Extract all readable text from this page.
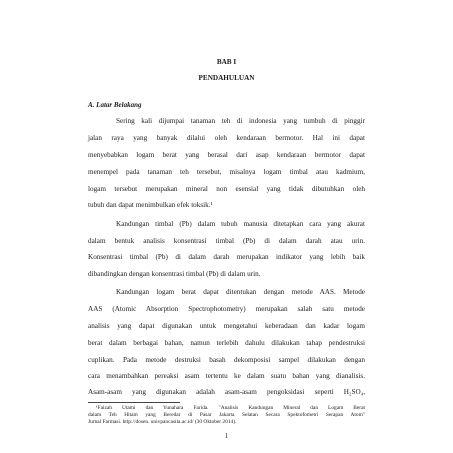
BAB I
PENDAHULUAN
A. Latar Belakang
Sering kali dijumpai tanaman teh di indonesia yang tumbuh di pinggir
jalan raya yang banyak dilalui oleh kendaraan bermotor. Hal ini dapat
menyebabkan logam berat yang berasal dari asap kendaraan bermotor dapat
menempel pada tanaman teh tersebut, misalnya logam timbal atau kadmium,
logam tersebut merupakan mineral non esensial yang tidak dibutuhkan oleh
tubuh dan dapat menimbulkan efek toksik.¹
Kandungan timbal (Pb) dalam tubuh manusia ditetapkan cara yang akurat
dalam bentuk analisis konsentrasi timbal (Pb) di dalam darah atau urin.
Konsentrasi timbal (Pb) di dalam darah merupakan indikator yang lebih baik
dibandingkan dengan konsentrasi timbal (Pb) di dalam urin.
Kandungan logam berat dapat ditentukan dengan metode AAS. Metode
AAS (Atomic Absorption Spectrophotometry) merupakan salah satu metode
analisis yang dapat digunakan untuk mengetahui keberadaan dan kadar logam
berat dalam berbagai bahan, namun terlebih dahulu dilakukan tahap pendestruksi
cuplikan. Pada metode destruksi basah dekomposisi sampel dilakukan dengan
cara menambahkan pereaksi asam tertentu ke dalam suatu bahan yang dianalisis.
Asam-asam yang digunakan adalah asam-asam pengoksidasi seperti H₂SO₄,
¹Faizah Utami dan Yunahara Farida. "Analisis Kandungan Mineral dan Logam Berat
dalam Teh Hitam yang Beredar di Pasar Jakarta Selatan Secara Spektofometri Serapan Atom"
Jurnal Farmasi. http://dosen. univpancasila.ac.id/ (30 Oktober 2014).
1
